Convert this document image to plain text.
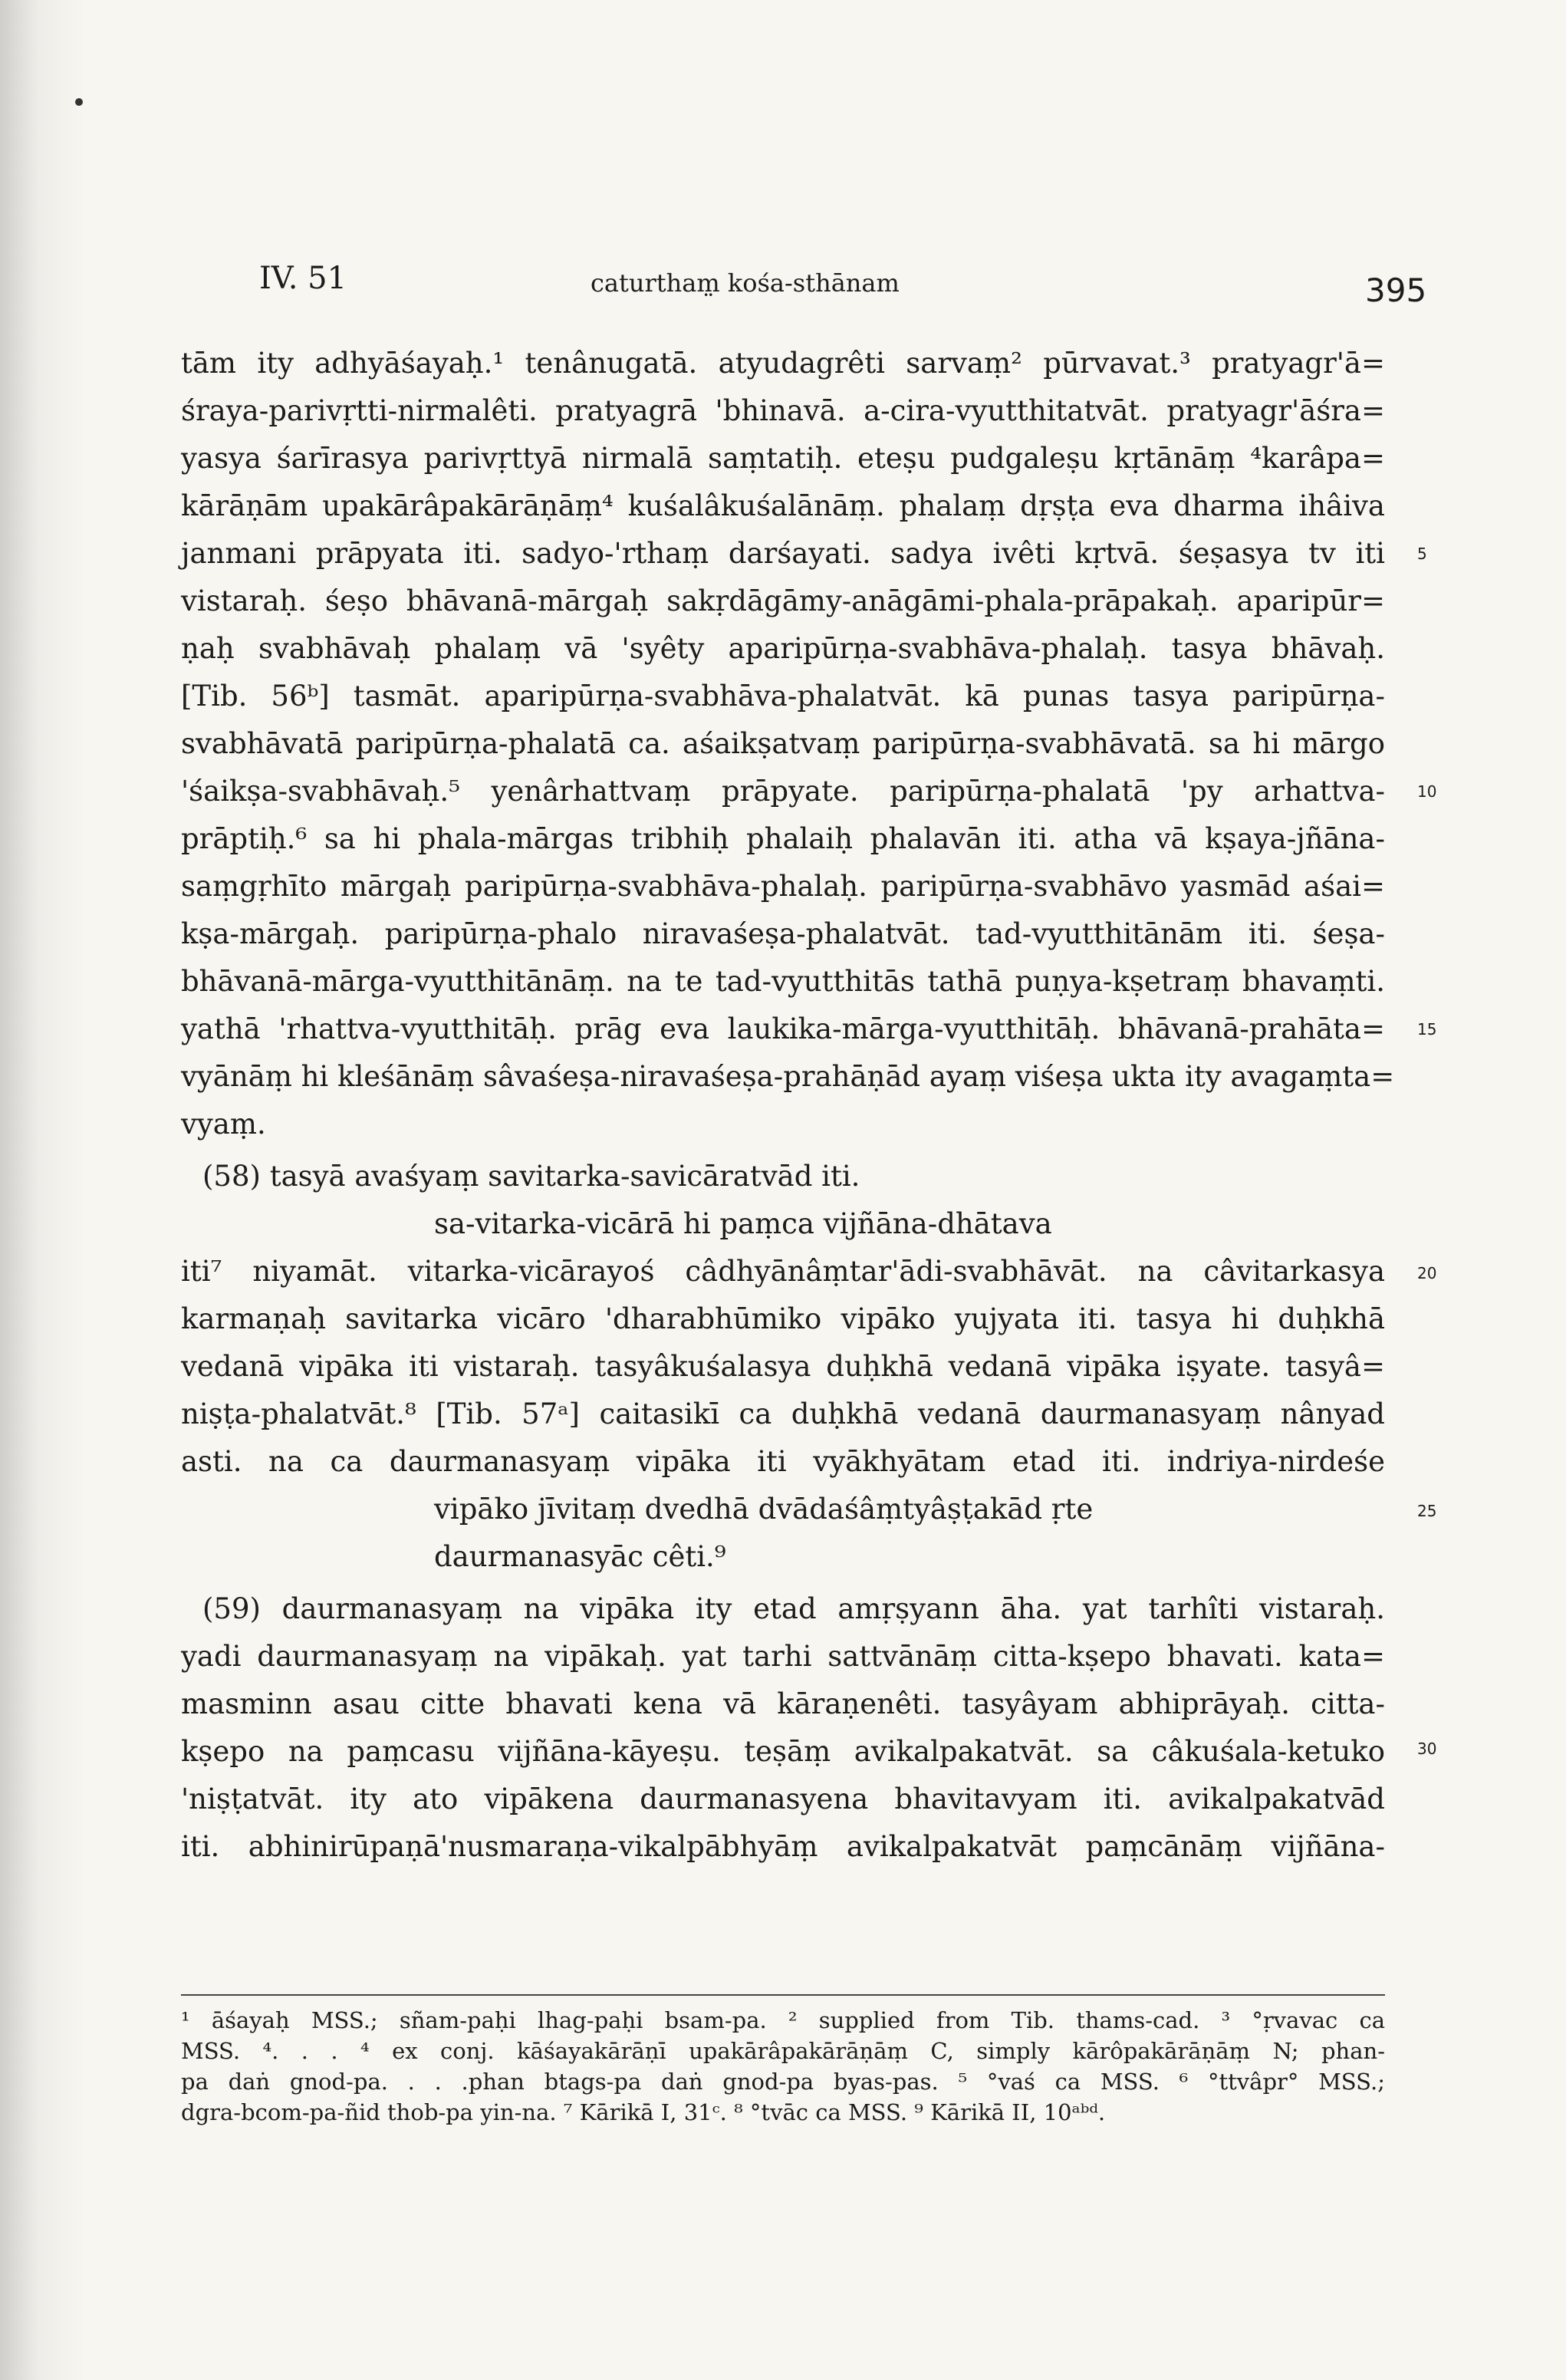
IV. 51	caturtham̤ kośa-sthānam	395
tām ity adhyāśayaḥ.¹ tenânugatā. atyudagrêti sarvaṃ² pūrvavat.³ pratyagr'ā=
śraya-parivṛtti-nirmalêti. pratyagrā 'bhinavā. a-cira-vyutthitatvāt. pratyagr'āśra=
yasya śarīrasya parivṛttyā nirmalā saṃtatiḥ. eteṣu pudgaleṣu kṛtānāṃ ⁴karâpa=
kārāṇām upakārâpakārāṇāṃ⁴ kuśalâkuśalānāṃ. phalaṃ dṛṣṭa eva dharma ihâiva
janmani prāpyata iti. sadyo-'rthaṃ darśayati. sadya ivêti kṛtvā. śeṣasya tv iti
vistaraḥ. śeṣo bhāvanā-mārgaḥ sakṛdāgāmy-anāgāmi-phala-prāpakaḥ. aparipūr=
ṇaḥ svabhāvaḥ phalaṃ vā 'syêty aparipūrṇa-svabhāva-phalaḥ. tasya bhāvaḥ.
[Tib. 56ᵇ] tasmāt. aparipūrṇa-svabhāva-phalatvāt. kā punas tasya paripūrṇa-
svabhāvatā paripūrṇa-phalatā ca. aśaikṣatvaṃ paripūrṇa-svabhāvatā. sa hi mārgo
'śaikṣa-svabhāvaḥ.⁵ yenârhattvaṃ prāpyate. paripūrṇa-phalatā 'py arhattva-
prāptiḥ.⁶ sa hi phala-mārgas tribhiḥ phalaiḥ phalavān iti. atha vā kṣaya-jñāna-
saṃgṛhīto mārgaḥ paripūrṇa-svabhāva-phalaḥ. paripūrṇa-svabhāvo yasmād aśai=
kṣa-mārgaḥ. paripūrṇa-phalo niravaśeṣa-phalatvāt. tad-vyutthitānām iti. śeṣa-
bhāvanā-mārga-vyutthitānāṃ. na te tad-vyutthitās tathā puṇya-kṣetraṃ bhavaṃti.
yathā 'rhattva-vyutthitāḥ. prāg eva laukika-mārga-vyutthitāḥ. bhāvanā-prahāta=
vyānāṃ hi kleśānāṃ sâvaśeṣa-niravaśeṣa-prahāṇād ayaṃ viśeṣa ukta ity avagaṃta=
vyaṃ.
(58) tasyā avaśyaṃ savitarka-savicāratvād iti.
sa-vitarka-vicārā hi paṃca vijñāna-dhātava
iti⁷ niyamāt. vitarka-vicārayoś câdhyānâṃtar'ādi-svabhāvāt. na câvitarkasya
karmaṇaḥ savitarka vicāro 'dharabhūmiko vipāko yujyata iti. tasya hi duḥkhā
vedanā vipāka iti vistaraḥ. tasyâkuśalasya duḥkhā vedanā vipāka iṣyate. tasyâ=
niṣṭa-phalatvāt.⁸ [Tib. 57ᵃ] caitasikī ca duḥkhā vedanā daurmanasyaṃ nânyad
asti. na ca daurmanasyaṃ vipāka iti vyākhyātam etad iti. indriya-nirdeśe
vipāko jīvitaṃ dvedhā dvādaśâṃtyâṣṭakād ṛte
daurmanasyāc cêti.⁹
(59) daurmanasyaṃ na vipāka ity etad amṛṣyann āha. yat tarhîti vistaraḥ.
yadi daurmanasyaṃ na vipākaḥ. yat tarhi sattvānāṃ citta-kṣepo bhavati. kata=
masminn asau citte bhavati kena vā kāraṇenêti. tasyâyam abhiprāyaḥ. citta-
kṣepo na paṃcasu vijñāna-kāyeṣu. teṣāṃ avikalpakatvāt. sa câkuśala-ketuko
'niṣṭatvāt. ity ato vipākena daurmanasyena bhavitavyam iti. avikalpakatvād
iti. abhinirūpaṇā'nusmaraṇa-vikalpābhyāṃ avikalpakatvāt paṃcānāṃ vijñāna-
5
10
15
20
25
30
¹ āśayaḥ MSS.; sñam-paḥi lhag-paḥi bsam-pa. ² supplied from Tib. thams-cad. ³ °ṛvavac ca
MSS. ⁴. . . ⁴ ex conj. kāśayakārāṇī upakārâpakārāṇāṃ C, simply kārôpakārāṇāṃ N; phan-
pa daṅ gnod-pa. . . .phan btags-pa daṅ gnod-pa byas-pas. ⁵ °vaś ca MSS. ⁶ °ttvâpr° MSS.;
dgra-bcom-pa-ñid thob-pa yin-na. ⁷ Kārikā I, 31ᶜ. ⁸ °tvāc ca MSS. ⁹ Kārikā II, 10ᵃᵇᵈ.
